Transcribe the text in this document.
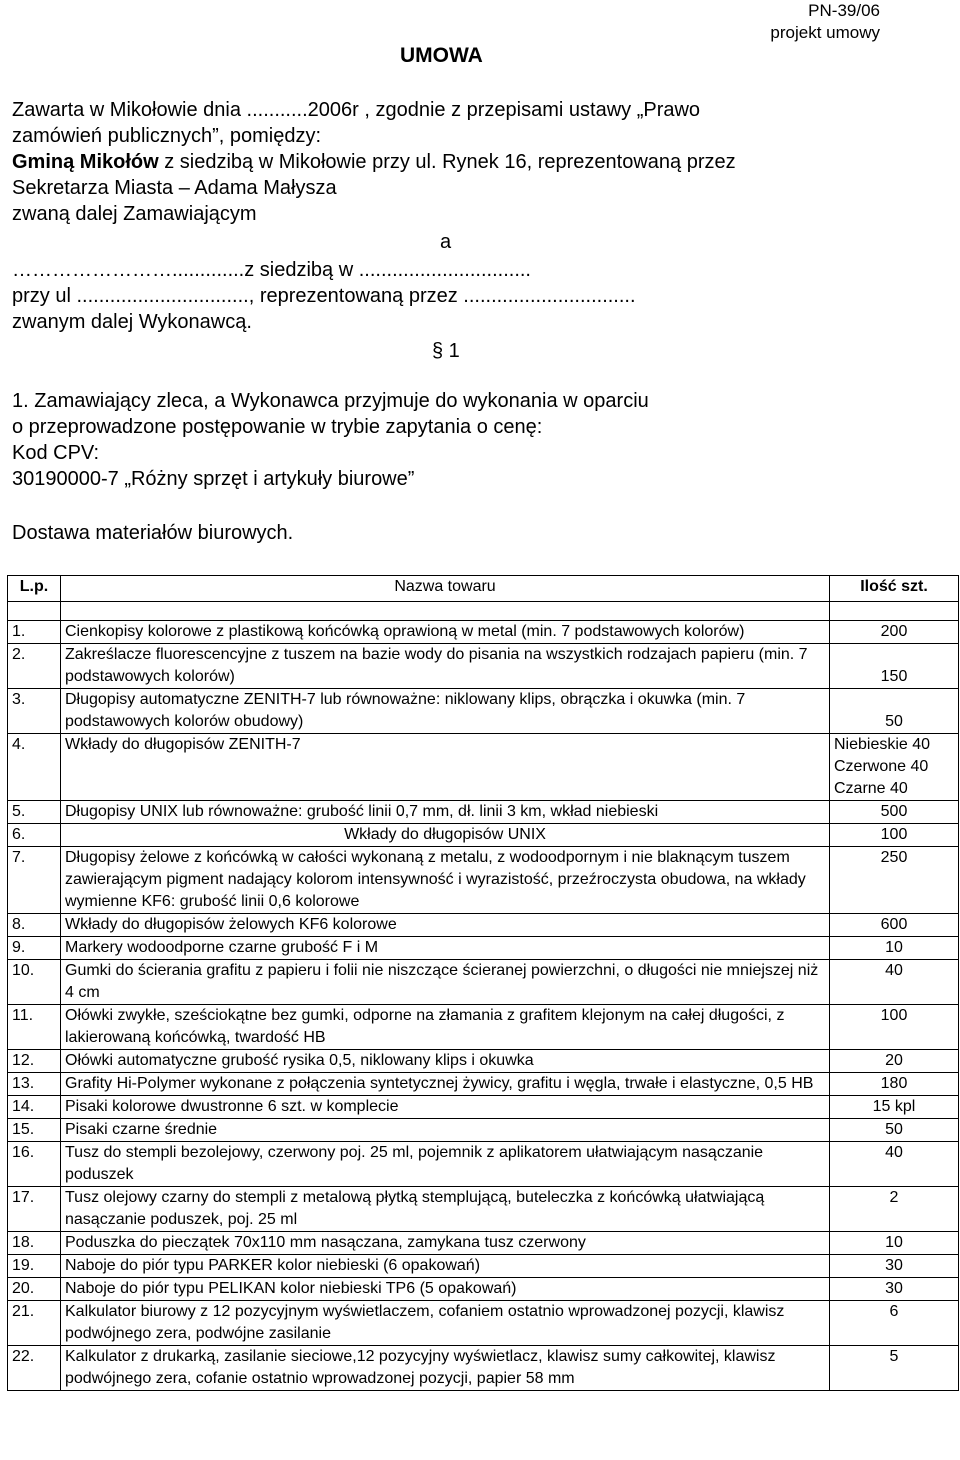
PN-39/06
projekt umowy
UMOWA
Zawarta w Mikołowie dnia ...........2006r , zgodnie z przepisami ustawy „Prawo
zamówień publicznych”, pomiędzy:
Gminą Mikołów z siedzibą w Mikołowie przy ul. Rynek 16, reprezentowaną przez
Sekretarza Miasta – Adama Małysza
zwaną dalej Zamawiającym
a
…………………….............z siedzibą w ...............................
przy ul ..............................., reprezentowaną przez ...............................
zwanym dalej Wykonawcą.
§ 1
1. Zamawiający zleca, a Wykonawca przyjmuje do wykonania w oparciu
o przeprowadzone postępowanie w trybie zapytania o cenę:
Kod CPV:
30190000-7 „Różny sprzęt i artykuły biurowe”
Dostawa materiałów biurowych.
L.p.	Nazwa towaru	Ilość szt.

1.	Cienkopisy kolorowe z plastikową końcówką oprawioną w metal (min. 7 podstawowych kolorów)	200
2.	Zakreślacze fluorescencyjne z tuszem na bazie wody do pisania na wszystkich rodzajach papieru (min. 7 podstawowych kolorów)	150
3.	Długopisy automatyczne ZENITH-7 lub równoważne: niklowany klips, obrączka i okuwka (min. 7 podstawowych kolorów obudowy)	50
4.	Wkłady do długopisów ZENITH-7	Niebieskie 40
Czerwone 40
Czarne 40

5.	Długopisy UNIX lub równoważne: grubość linii 0,7 mm, dł. linii 3 km, wkład niebieski	500
6.	Wkłady do długopisów UNIX	100
7.	Długopisy żelowe z końcówką w całości wykonaną z metalu, z wodoodpornym i nie blaknącym tuszem zawierającym pigment nadający kolorom intensywność i wyrazistość, przeźroczysta obudowa, na wkłady wymienne KF6: grubość linii 0,6 kolorowe	250
8.	Wkłady do długopisów żelowych KF6 kolorowe	600
9.	Markery wodoodporne czarne grubość F i M	10
10.	Gumki do ścierania grafitu z papieru i folii nie niszczące ścieranej powierzchni, o długości nie mniejszej niż 4 cm	40
11.	Ołówki zwykłe, sześciokątne bez gumki, odporne na złamania z grafitem klejonym na całej długości, z lakierowaną końcówką, twardość HB	100
12.	Ołówki automatyczne grubość rysika 0,5, niklowany klips i okuwka	20
13.	Grafity Hi-Polymer wykonane z połączenia syntetycznej żywicy, grafitu i węgla, trwałe i elastyczne, 0,5 HB	180
14.	Pisaki kolorowe dwustronne 6 szt. w komplecie	15 kpl
15.	Pisaki czarne średnie	50
16.	Tusz do stempli bezolejowy, czerwony poj. 25 ml, pojemnik z aplikatorem ułatwiającym nasączanie poduszek	40
17.	Tusz olejowy czarny do stempli z metalową płytką stemplującą, buteleczka z końcówką ułatwiającą nasączanie poduszek, poj. 25 ml	2
18.	Poduszka do pieczątek 70x110 mm nasączana, zamykana tusz czerwony	10
19.	Naboje do piór typu PARKER kolor niebieski (6 opakowań)	30
20.	Naboje do piór typu PELIKAN kolor niebieski TP6 (5 opakowań)	30
21.	Kalkulator biurowy z 12 pozycyjnym wyświetlaczem, cofaniem ostatnio wprowadzonej pozycji, klawisz podwójnego zera, podwójne zasilanie	6
22.	Kalkulator z drukarką, zasilanie sieciowe,12 pozycyjny wyświetlacz, klawisz sumy całkowitej, klawisz podwójnego zera, cofanie ostatnio wprowadzonej pozycji, papier 58 mm	5
